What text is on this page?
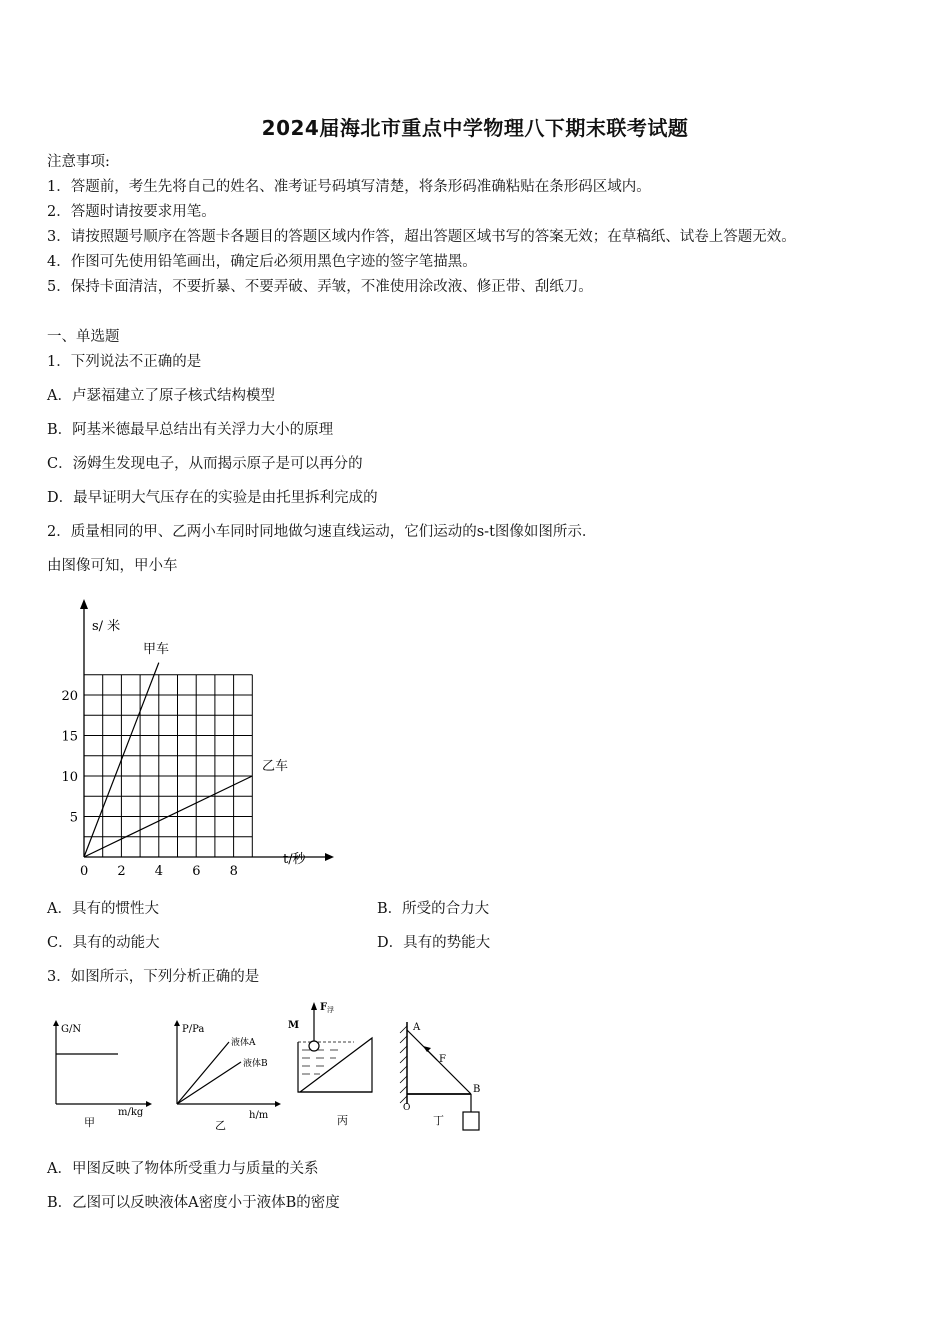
2024届海北市重点中学物理八下期末联考试题
注意事项:
1．答题前，考生先将自己的姓名、准考证号码填写清楚，将条形码准确粘贴在条形码区域内。
2．答题时请按要求用笔。
3．请按照题号顺序在答题卡各题目的答题区域内作答，超出答题区域书写的答案无效；在草稿纸、试卷上答题无效。
4．作图可先使用铅笔画出，确定后必须用黑色字迹的签字笔描黑。
5．保持卡面清洁，不要折暴、不要弄破、弄皱，不准使用涂改液、修正带、刮纸刀。
一、单选题
1．下列说法不正确的是
A．卢瑟福建立了原子核式结构模型
B．阿基米德最早总结出有关浮力大小的原理
C．汤姆生发现电子，从而揭示原子是可以再分的
D．最早证明大气压存在的实验是由托里拆利完成的
2．质量相同的甲、乙两小车同时同地做匀速直线运动，它们运动的s-t图像如图所示．
由图像可知，甲小车
s/ 米
t/秒
甲车
乙车
0 2 4 6 8
5
10
15
20
A．具有的惯性大	B．所受的合力大
C．具有的动能大	D．具有的势能大
3．如图所示，下列分析正确的是
G/N
m/kg
甲
P/Pa
液体A
液体B
h/m
乙
F 浮
M
丙
A
F
B
O
丁
A．甲图反映了物体所受重力与质量的关系
B．乙图可以反映液体A密度小于液体B的密度
